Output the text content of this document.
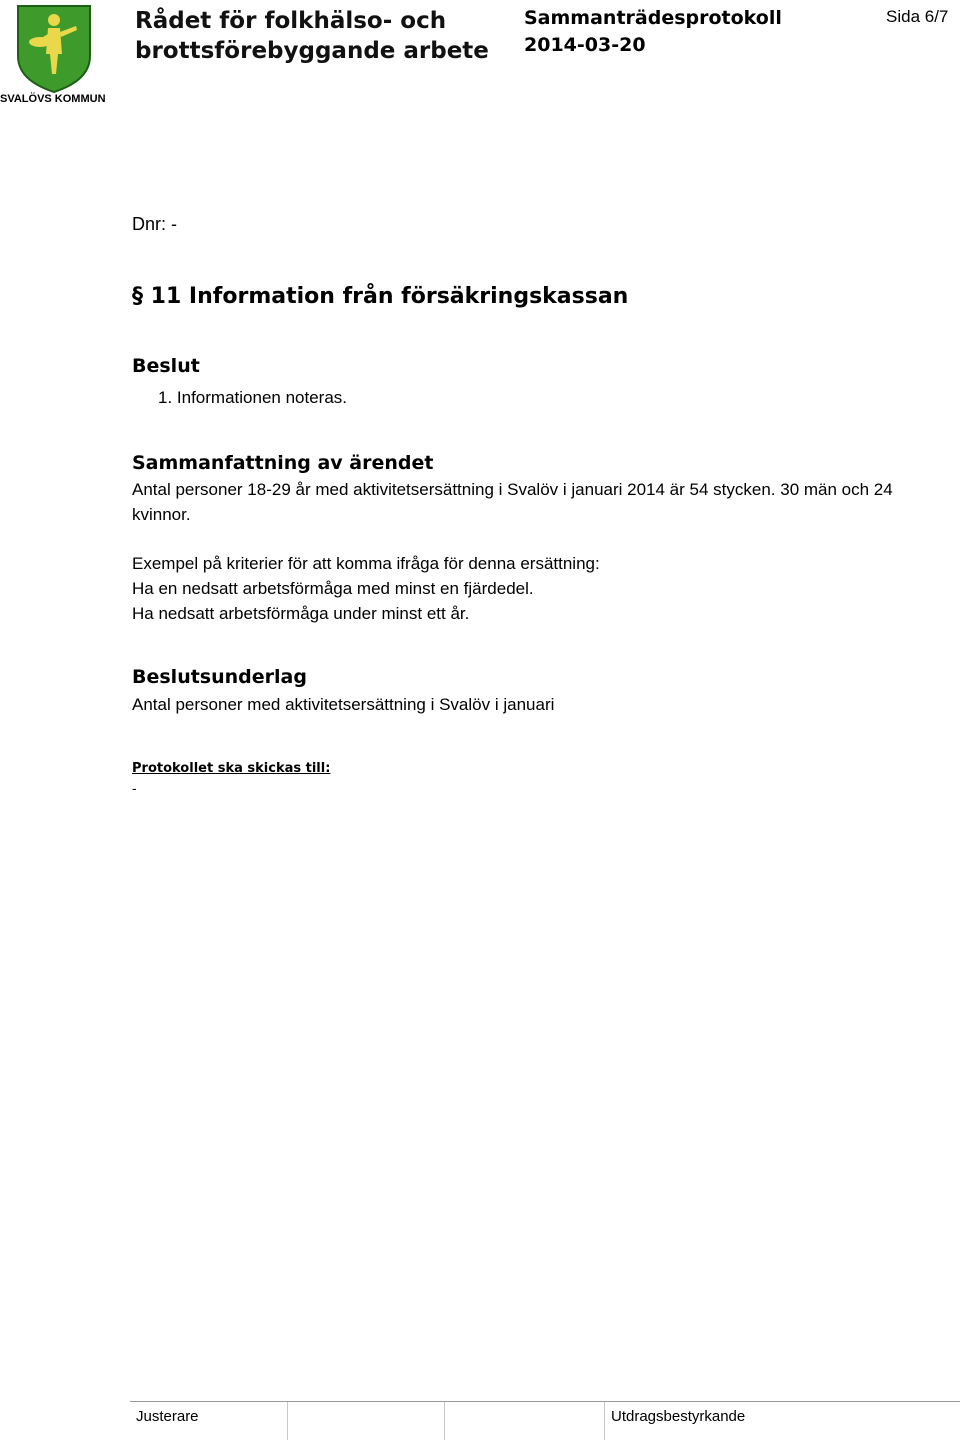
SVALÖVS KOMMUN
Rådet för folkhälso- och brottsförebyggande arbete
Sammanträdesprotokoll
2014-03-20
Sida 6/7
Dnr: -
§ 11 Information från försäkringskassan
Beslut
1. Informationen noteras.
Sammanfattning av ärendet
Antal personer 18-29 år med aktivitetsersättning i Svalöv i januari 2014 är 54 stycken. 30 män och 24 kvinnor.
Exempel på kriterier för att komma ifråga för denna ersättning:
Ha en nedsatt arbetsförmåga med minst en fjärdedel.
Ha nedsatt arbetsförmåga under minst ett år.
Beslutsunderlag
Antal personer med aktivitetsersättning i Svalöv i januari
Protokollet ska skickas till:
-
Justerare	Utdragsbestyrkande
